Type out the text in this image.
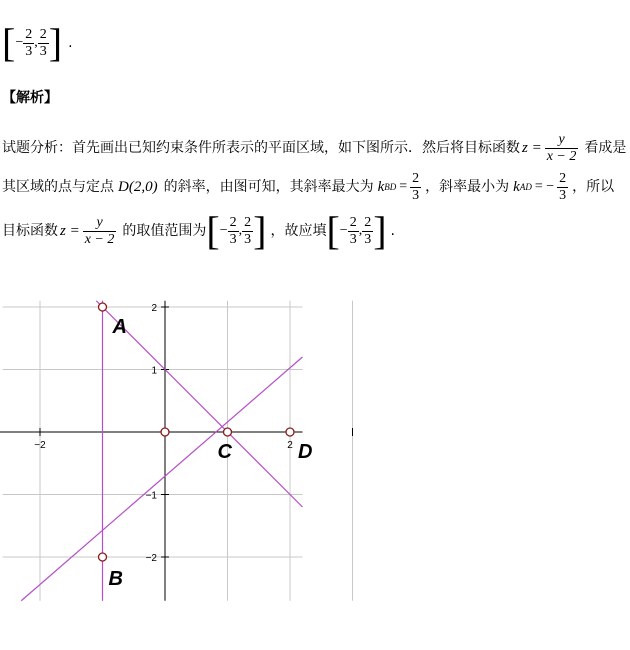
[ − $\frac{2}{3}$ , $\frac{2}{3}$ ] .
【解析】
试题分析：首先画出已知约束条件所表示的平面区域，如下图所示．然后将目标函数 $z = \frac{y}{x - 2}$ 看成是
其区域的点与定点 D(2,0) 的斜率，由图可知，其斜率最大为 k BD = $\frac{2}{3}$ ，斜率最小为 k AD = − $\frac{2}{3}$ ，所以
目标函数 $z = \frac{y}{x - 2}$ 的取值范围为 [ − $\frac{2}{3}$ , $\frac{2}{3}$ ] ，故应填 [ − $\frac{2}{3}$ , $\frac{2}{3}$ ] .
−2	2
2
1
−1
−2
A
B
C	D
